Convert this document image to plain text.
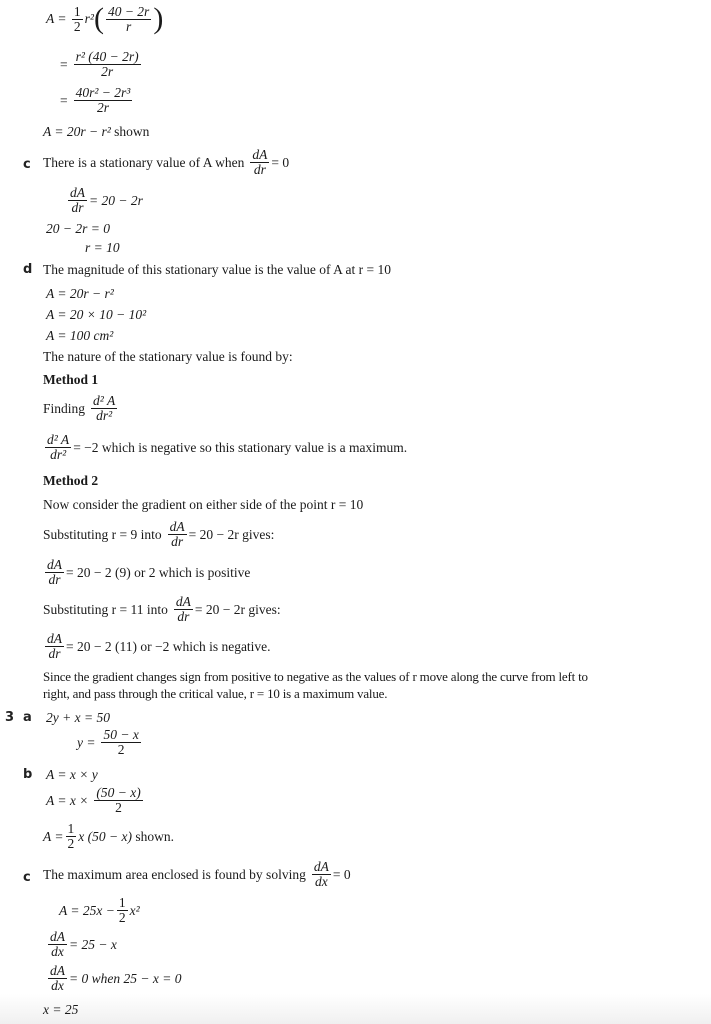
$A = \frac{1}{2} r^2$ ( $\frac{40 - 2r}{r}$ )
= $\frac{\text{r² (40 − 2r)}}{2r}$
= $\frac{\text{40r² − 2r³}}{2r}$
A = 20r − r² shown
c There is a stationary value of A when $\frac{dA}{dr} = 0$
$\frac{dA}{dr} = 20 - 2r$
20 − 2r = 0
r = 10
d The magnitude of this stationary value is the value of A at r = 10
A = 20r − r²
A = 20 × 10 − 10²
A = 100 cm²
The nature of the stationary value is found by:
Method 1
Finding $\frac{\text{d² A}}{\text{dr²}}$
$\frac{\text{d² A}}{\text{dr²}} = -2$ which is negative so this stationary value is a maximum.
Method 2
Now consider the gradient on either side of the point r = 10
Substituting r = 9 into $\frac{dA}{dr} = 20 - 2r$ gives:
$\frac{dA}{dr} = 20 - 2$ (9) or 2 which is positive
Substituting r = 11 into $\frac{dA}{dr} = 20 - 2r$ gives:
$\frac{dA}{dr} = 20 - 2$ (11) or −2 which is negative.
Since the gradient changes sign from positive to negative as the values of r move along the curve from left to
right, and pass through the critical value, r = 10 is a maximum value.
3 a 2y + x = 50
$y = \frac{50 - x}{2}$
b A = x × y
$A = x \times \frac{(50 - x)}{2}$
$A = \frac{1}{2}$ x (50 − x) shown.
c The maximum area enclosed is found by solving $\frac{dA}{dx} = 0$
$A = 25x - \frac{1}{2} x^2$
$\frac{dA}{dx} = 25 - x$
$\frac{dA}{dx} = 0$ when 25 − x = 0
x = 25
